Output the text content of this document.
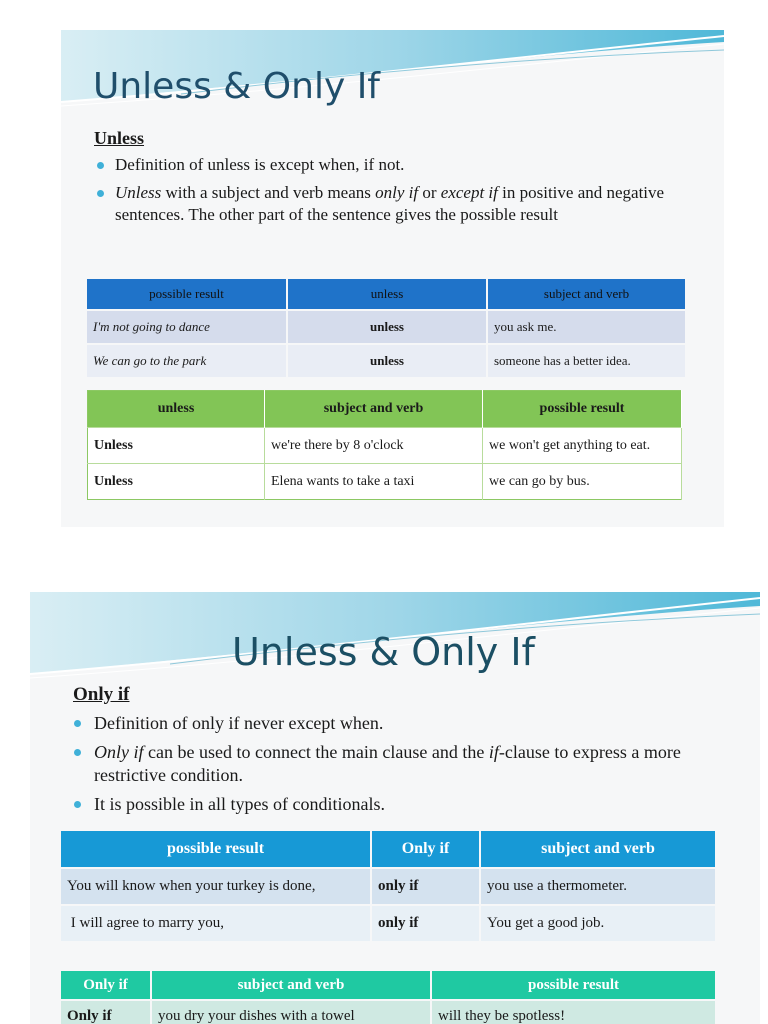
Unless & Only If
Unless
Definition of unless is except when, if not.
Unless with a subject and verb means only if or except if in positive and negative sentences. The other part of the sentence gives the possible result
possible result	unless	subject and verb
I'm not going to dance	unless	you ask me.
We can go to the park	unless	someone has a better idea.
unless	subject and verb	possible result
Unless	we're there by 8 o'clock	we won't get anything to eat.
Unless	Elena wants to take a taxi	we can go by bus.
Unless & Only If
Only if
Definition of only if never except when.
Only if can be used to connect the main clause and the if-clause to express a more restrictive condition.
It is possible in all types of conditionals.
possible result	Only if	subject and verb
You will know when your turkey is done,	only if	you use a thermometer.
I will agree to marry you,	only if	You get a good job.
Only if	subject and verb	possible result
Only if	you dry your dishes with a towel	will they be spotless!
